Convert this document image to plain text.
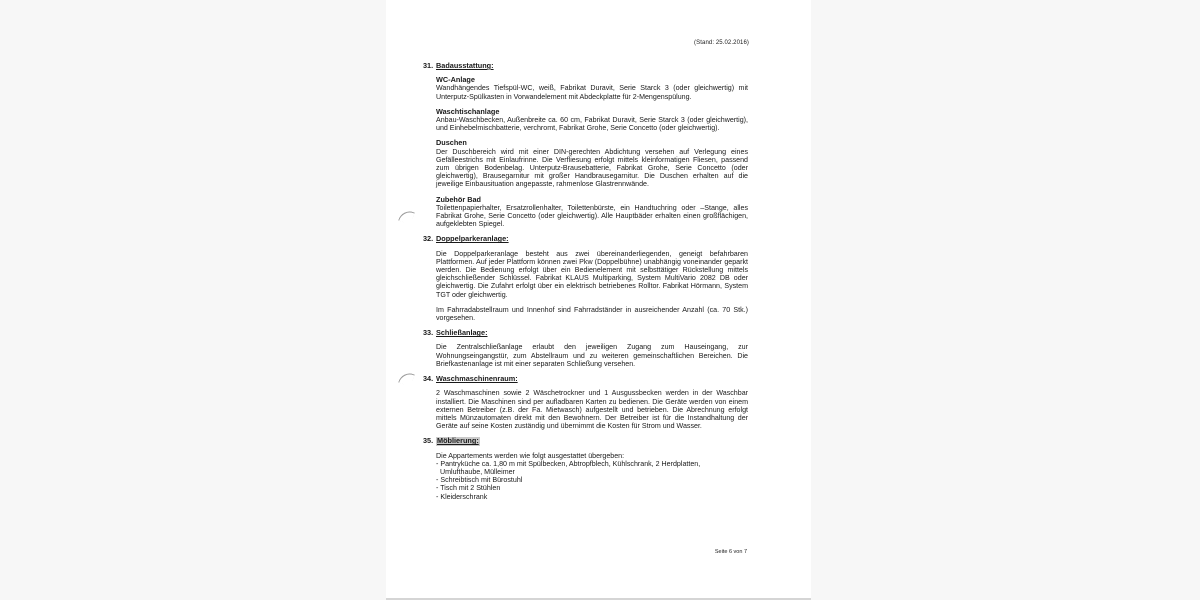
(Stand: 25.02.2016)
31. Badausstattung:
WC-Anlage
Wandhängendes Tiefspül-WC, weiß, Fabrikat Duravit, Serie Starck 3 (oder gleichwertig) mit Unterputz-Spülkasten in Vorwandelement mit Abdeckplatte für 2-Mengenspülung.
Waschtischanlage
Anbau-Waschbecken, Außenbreite ca. 60 cm, Fabrikat Duravit, Serie Starck 3 (oder gleichwertig), und Einhebelmischbatterie, verchromt, Fabrikat Grohe, Serie Concetto (oder gleichwertig).
Duschen
Der Duschbereich wird mit einer DIN-gerechten Abdichtung versehen auf Verlegung eines Gefälleestrichs mit Einlaufrinne. Die Verfliesung erfolgt mittels kleinformatigen Fliesen, passend zum übrigen Bodenbelag. Unterputz-Brausebatterie, Fabrikat Grohe, Serie Concetto (oder gleichwertig), Brausegarnitur mit großer Handbrausegarnitur. Die Duschen erhalten auf die jeweilige Einbausituation angepasste, rahmenlose Glastrennwände.
Zubehör Bad
Toilettenpapierhalter, Ersatzrollenhalter, Toilettenbürste, ein Handtuchring oder –Stange, alles Fabrikat Grohe, Serie Concetto (oder gleichwertig). Alle Hauptbäder erhalten einen großflächigen, aufgeklebten Spiegel.
32. Doppelparkeranlage:
Die Doppelparkeranlage besteht aus zwei übereinanderliegenden, geneigt befahrbaren Plattformen. Auf jeder Plattform können zwei Pkw (Doppelbühne) unabhängig voneinander geparkt werden. Die Bedienung erfolgt über ein Bedienelement mit selbsttätiger Rückstellung mittels gleichschließender Schlüssel. Fabrikat KLAUS Multiparking, System MultiVario 2082 DB oder gleichwertig. Die Zufahrt erfolgt über ein elektrisch betriebenes Rolltor. Fabrikat Hörmann, System TGT oder gleichwertig.
Im Fahrradabstellraum und Innenhof sind Fahrradständer in ausreichender Anzahl (ca. 70 Stk.) vorgesehen.
33. Schließanlage:
Die Zentralschließanlage erlaubt den jeweiligen Zugang zum Hauseingang, zur Wohnungseingangstür, zum Abstellraum und zu weiteren gemeinschaftlichen Bereichen. Die Briefkastenanlage ist mit einer separaten Schließung versehen.
34. Waschmaschinenraum:
2 Waschmaschinen sowie 2 Wäschetrockner und 1 Ausgussbecken werden in der Waschbar installiert. Die Maschinen sind per aufladbaren Karten zu bedienen. Die Geräte werden von einem externen Betreiber (z.B. der Fa. Mietwasch) aufgestellt und betrieben. Die Abrechnung erfolgt mittels Münzautomaten direkt mit den Bewohnern. Der Betreiber ist für die Instandhaltung der Geräte auf seine Kosten zuständig und übernimmt die Kosten für Strom und Wasser.
35. Möblierung:
Die Appartements werden wie folgt ausgestattet übergeben:
- Pantryküche ca. 1,80 m mit Spülbecken, Abtropfblech, Kühlschrank, 2 Herdplatten,
Umlufthaube, Mülleimer
- Schreibtisch mit Bürostuhl
- Tisch mit 2 Stühlen
- Kleiderschrank
Seite 6 von 7
